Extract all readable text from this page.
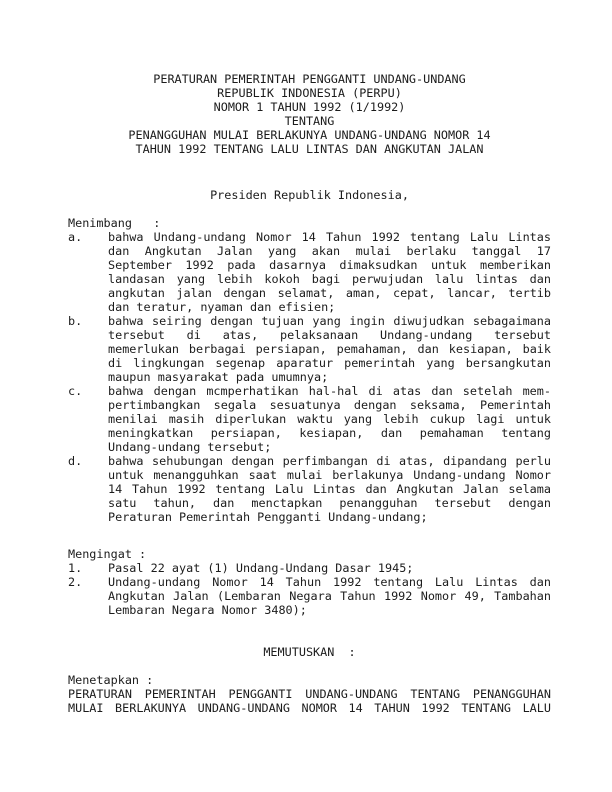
PERATURAN PEMERINTAH PENGGANTI UNDANG-UNDANG
REPUBLIK INDONESIA (PERPU)
NOMOR 1 TAHUN 1992 (1/1992)
TENTANG
PENANGGUHAN MULAI BERLAKUNYA UNDANG-UNDANG NOMOR 14
TAHUN 1992 TENTANG LALU LINTAS DAN ANGKUTAN JALAN
Presiden Republik Indonesia,
Menimbang   :
a.	bahwa Undang-undang Nomor 14 Tahun 1992 tentang Lalu Lintas
dan Angkutan Jalan yang akan mulai berlaku tanggal 17
September 1992 pada dasarnya dimaksudkan untuk memberikan
landasan yang lebih kokoh bagi perwujudan lalu lintas dan
angkutan jalan dengan selamat, aman, cepat, lancar, tertib
dan teratur, nyaman dan efisien;
b.	bahwa seiring dengan tujuan yang ingin diwujudkan sebagaimana
tersebut di atas, pelaksanaan Undang-undang tersebut
memerlukan berbagai persiapan, pemahaman, dan kesiapan, baik
di lingkungan segenap aparatur pemerintah yang bersangkutan
maupun masyarakat pada umumnya;
c.	bahwa dengan mcmperhatikan hal-hal di atas dan setelah mem-
pertimbangkan segala sesuatunya dengan seksama, Pemerintah
menilai masih diperlukan waktu yang lebih cukup lagi untuk
meningkatkan persiapan, kesiapan, dan pemahaman tentang
Undang-undang tersebut;
d.	bahwa sehubungan dengan perfimbangan di atas, dipandang perlu
untuk menangguhkan saat mulai berlakunya Undang-undang Nomor
14 Tahun 1992 tentang Lalu Lintas dan Angkutan Jalan selama
satu tahun, dan menctapkan penangguhan tersebut dengan
Peraturan Pemerintah Pengganti Undang-undang;
Mengingat :
1.	Pasal 22 ayat (1) Undang-Undang Dasar 1945;
2.	Undang-undang Nomor 14 Tahun 1992 tentang Lalu Lintas dan
Angkutan Jalan (Lembaran Negara Tahun 1992 Nomor 49, Tambahan
Lembaran Negara Nomor 3480);
MEMUTUSKAN  :
Menetapkan :
PERATURAN PEMERINTAH PENGGANTI UNDANG-UNDANG TENTANG PENANGGUHAN
MULAI BERLAKUNYA UNDANG-UNDANG NOMOR 14 TAHUN 1992 TENTANG LALU
